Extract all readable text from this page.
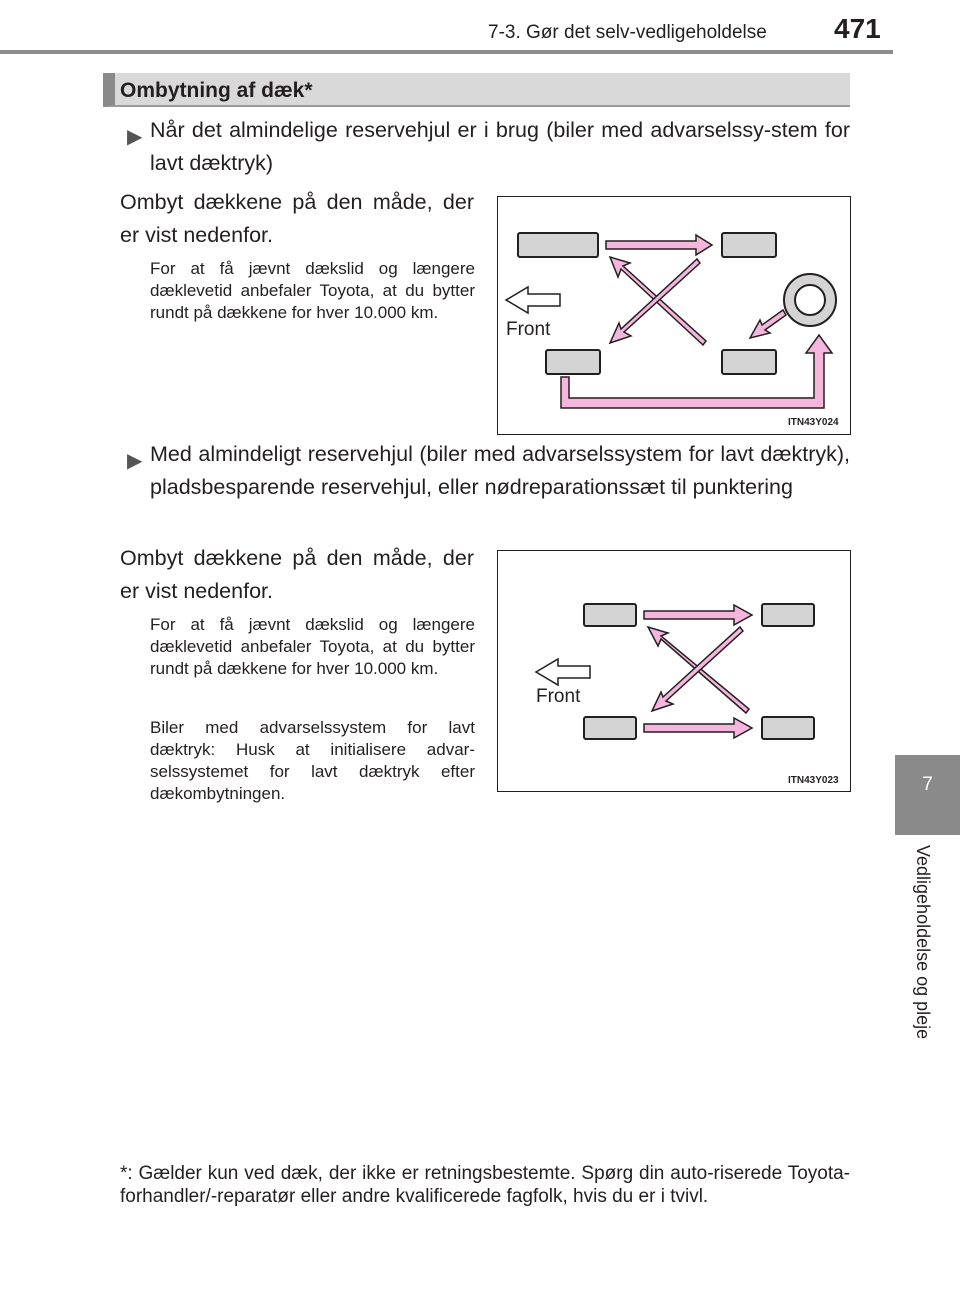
7-3. Gør det selv-vedligeholdelse 471
7
Vedligeholdelse og pleje
Ombytning af dæk*
▶ Når det almindelige reservehjul er i brug (biler med advarselssy-stem for lavt dæktryk)

Ombyt dækkene på den måde, der er vist nedenfor.

For at få jævnt dækslid og længere dæklevetid anbefaler Toyota, at du bytter rundt på dækkene for hver 10.000 km.

Front
ITN43Y024
▶ Med almindeligt reservehjul (biler med advarselssystem for lavt dæktryk), pladsbesparende reservehjul, eller nødreparationssæt til punktering

Ombyt dækkene på den måde, der er vist nedenfor.

For at få jævnt dækslid og længere dæklevetid anbefaler Toyota, at du bytter rundt på dækkene for hver 10.000 km.

Biler med advarselssystem for lavt dæktryk: Husk at initialisere advar-selssystemet for lavt dæktryk efter dækombytningen.

Front
ITN43Y023

*: Gælder kun ved dæk, der ikke er retningsbestemte. Spørg din auto-riserede Toyota-forhandler/-reparatør eller andre kvalificerede fagfolk, hvis du er i tvivl.
